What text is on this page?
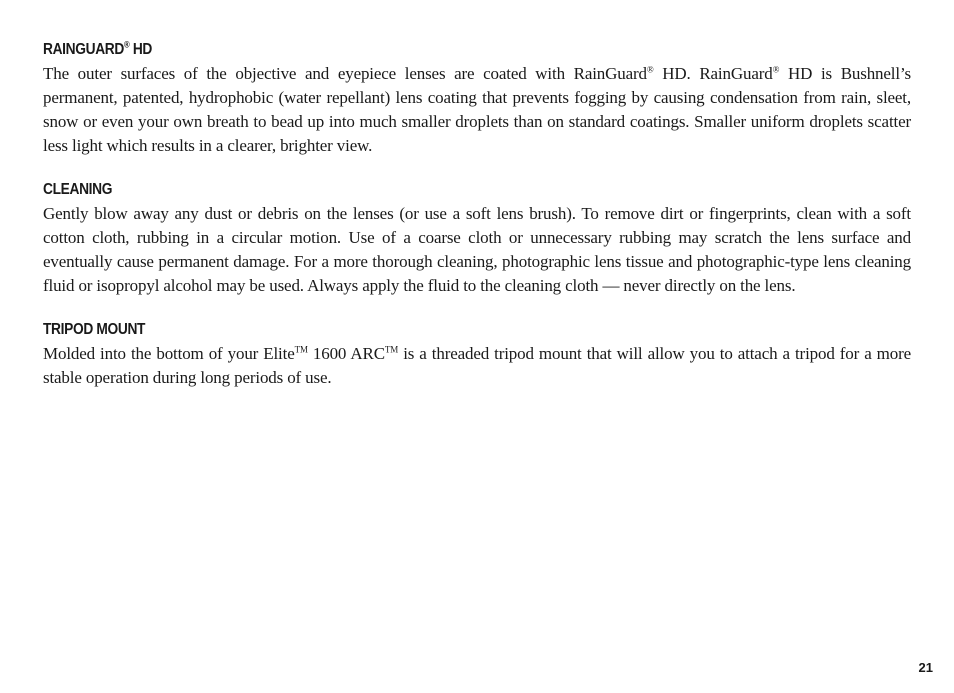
RAINGUARD® HD

The outer surfaces of the objective and eyepiece lenses are coated with RainGuard® HD. RainGuard® HD is Bushnell’s permanent, patented, hydrophobic (water repellant) lens coating that prevents fogging by causing condensation from rain, sleet, snow or even your own breath to bead up into much smaller droplets than on standard coatings. Smaller uniform droplets scatter less light which results in a clearer, brighter view.

CLEANING

Gently blow away any dust or debris on the lenses (or use a soft lens brush). To remove dirt or fingerprints, clean with a soft cotton cloth, rubbing in a circular motion. Use of a coarse cloth or unnecessary rubbing may scratch the lens surface and eventually cause permanent damage. For a more thorough cleaning, photographic lens tissue and photographic-type lens cleaning fluid or isopropyl alcohol may be used. Always apply the fluid to the cleaning cloth — never directly on the lens.

TRIPOD MOUNT

Molded into the bottom of your Elite™ 1600 ARC™ is a threaded tripod mount that will allow you to attach a tripod for a more stable operation during long periods of use.

21
